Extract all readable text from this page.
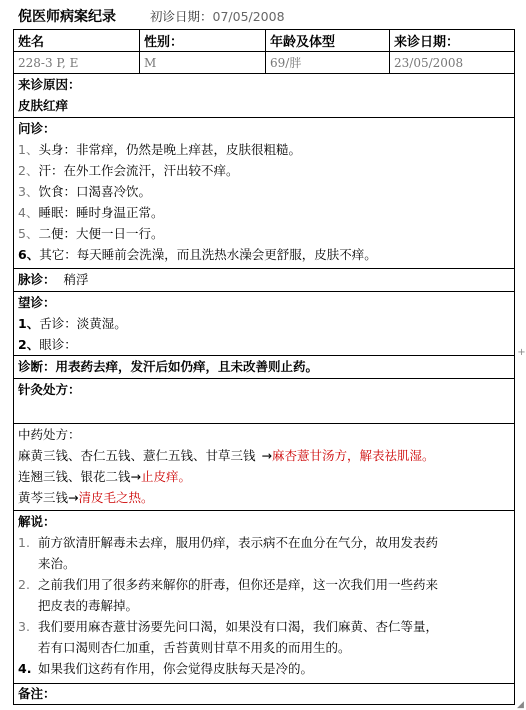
倪医师病案纪录	初诊日期：07/05/2008
姓名	性别：	年龄及体型	来诊日期：
228-3 P, E	M	69/胖	23/05/2008
来诊原因：
皮肤红痒
问诊：
1、头身：非常痒，仍然是晚上痒甚，皮肤很粗糙。
2、汗：在外工作会流汗，汗出较不痒。
3、饮食：口渴喜冷饮。
4、睡眠：睡时身温正常。
5、二便：大便一日一行。
6、其它：每天睡前会洗澡，而且洗热水澡会更舒服，皮肤不痒。
脉诊： 稍浮
望诊：
1、舌诊：淡黄湿。
2、眼诊：
诊断：用表药去痒，发汗后如仍痒，且未改善则止药。
针灸处方：
中药处方：
麻黄三钱、杏仁五钱、薏仁五钱、甘草三钱 →麻杏薏甘汤方，解表祛肌湿。
连翘三钱、银花二钱→止皮痒。
黄芩三钱→清皮毛之热。
解说：
1. 前方欲清肝解毒未去痒，服用仍痒，表示病不在血分在气分，故用发表药
来治。
2. 之前我们用了很多药来解你的肝毒，但你还是痒，这一次我们用一些药来
把皮表的毒解掉。
3. 我们要用麻杏薏甘汤要先问口渴，如果没有口渴，我们麻黄、杏仁等量，
若有口渴则杏仁加重，舌苔黄则甘草不用炙的而用生的。
4. 如果我们这药有作用，你会觉得皮肤每天是冷的。
备注：
+
◢
